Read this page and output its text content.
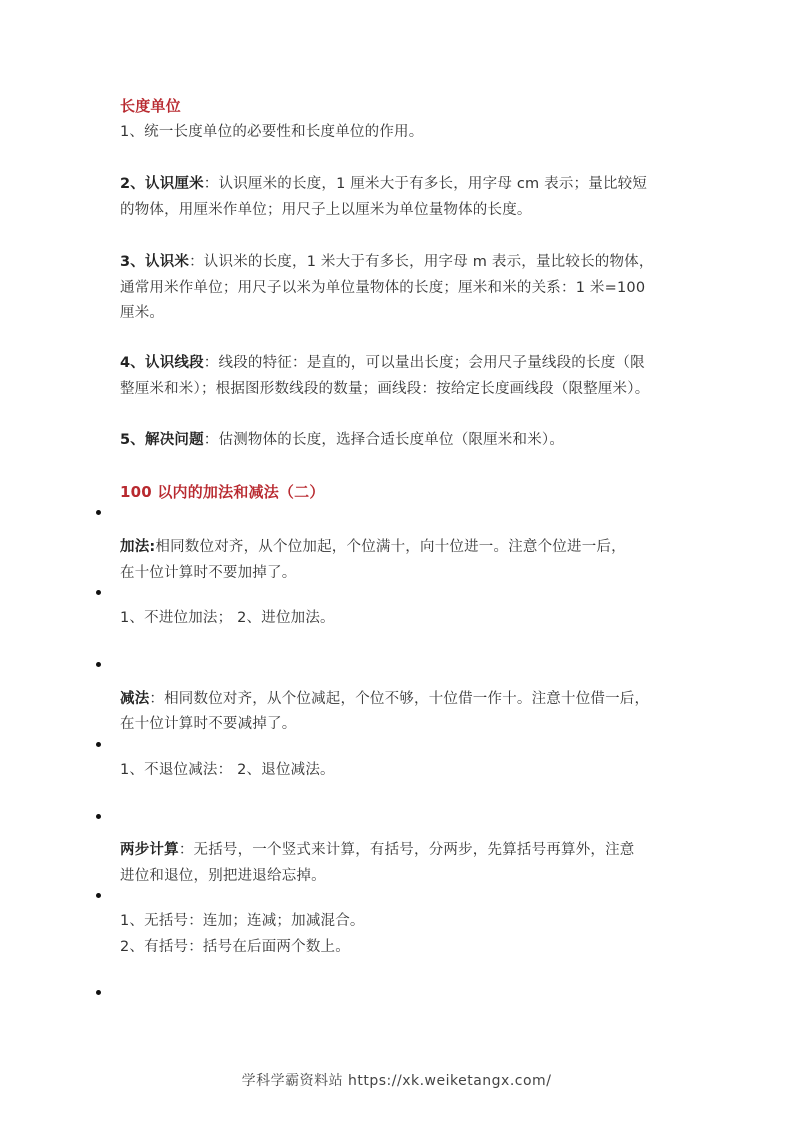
长度单位
1、统一长度单位的必要性和长度单位的作用。
2、认识厘米：认识厘米的长度，1 厘米大于有多长，用字母 cm 表示；量比较短
的物体，用厘米作单位；用尺子上以厘米为单位量物体的长度。
3、认识米：认识米的长度，1 米大于有多长，用字母 m 表示，量比较长的物体，
通常用米作单位；用尺子以米为单位量物体的长度；厘米和米的关系：1 米=100
厘米。
4、认识线段：线段的特征：是直的，可以量出长度；会用尺子量线段的长度（限
整厘米和米）；根据图形数线段的数量；画线段：按给定长度画线段（限整厘米）。
5、解决问题：估测物体的长度，选择合适长度单位（限厘米和米）。
100 以内的加法和减法（二）
加法:相同数位对齐，从个位加起，个位满十，向十位进一。注意个位进一后，
在十位计算时不要加掉了。
1、不进位加法； 2、进位加法。
减法：相同数位对齐，从个位减起，个位不够，十位借一作十。注意十位借一后，
在十位计算时不要减掉了。
1、不退位减法： 2、退位减法。
两步计算：无括号，一个竖式来计算，有括号，分两步，先算括号再算外，注意
进位和退位，别把进退给忘掉。
1、无括号：连加；连减；加减混合。
2、有括号：括号在后面两个数上。
学科学霸资料站 https://xk.weiketangx.com/
